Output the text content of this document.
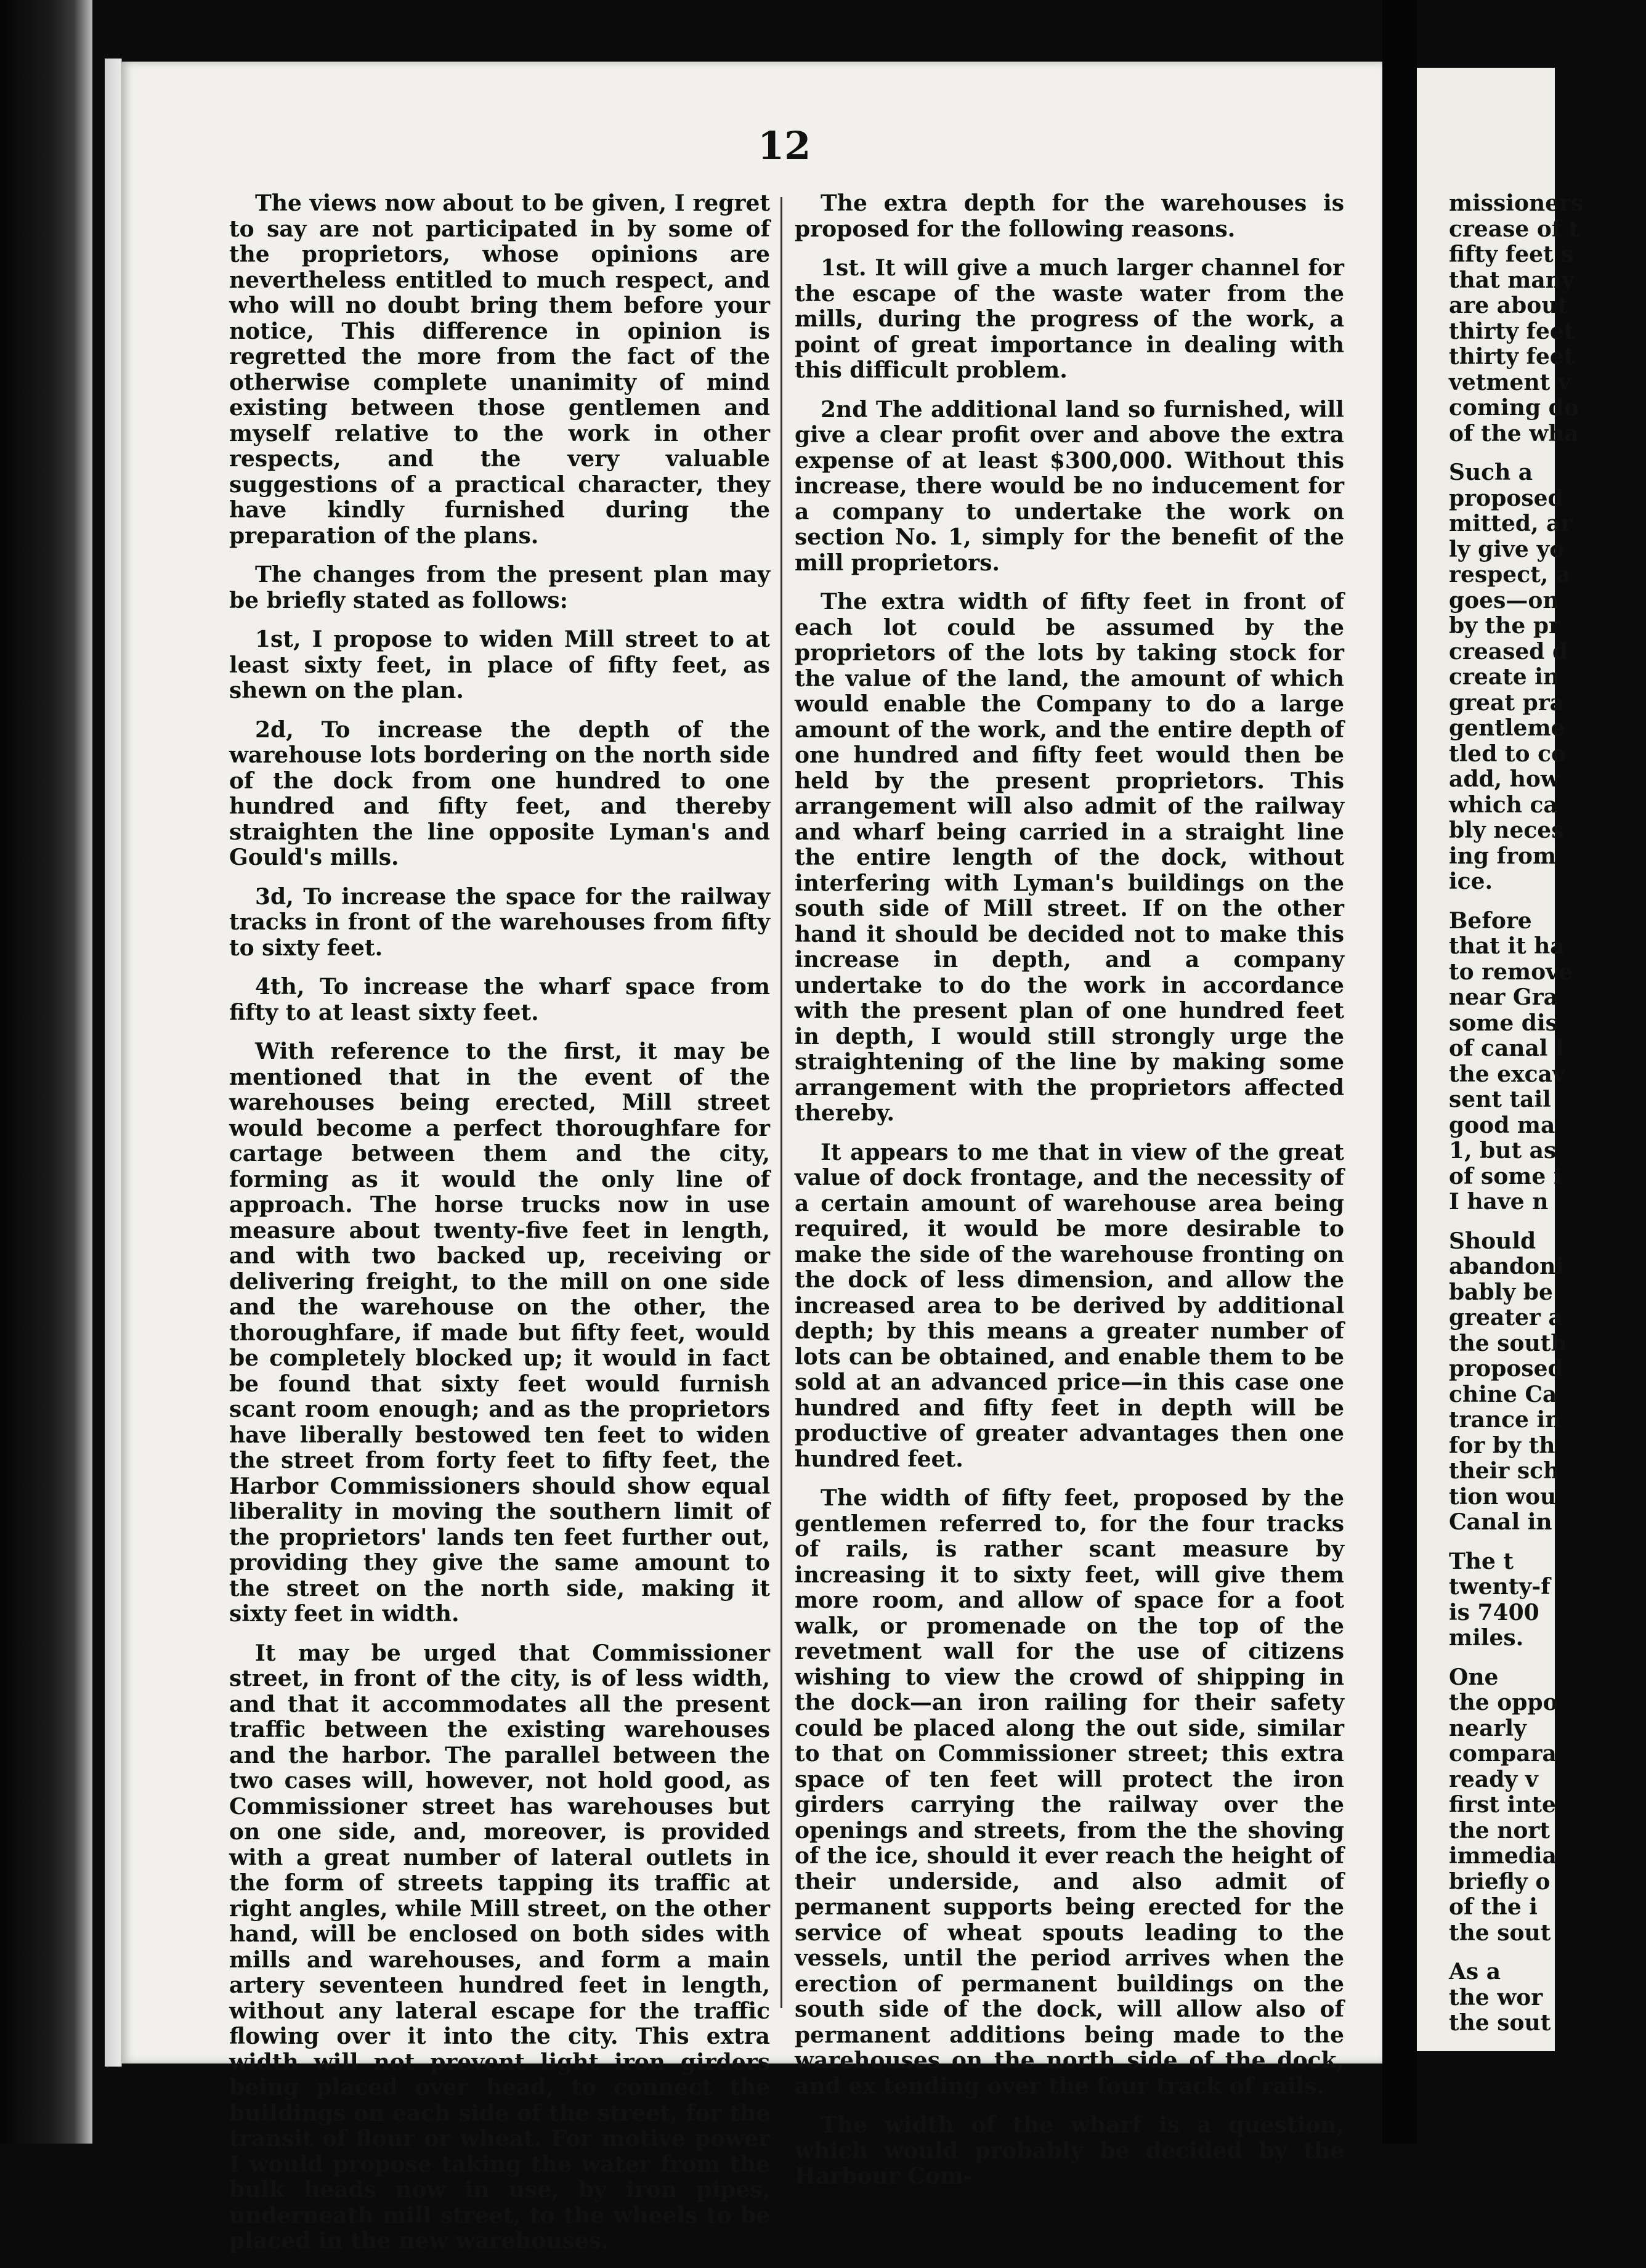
12

The views now about to be given, I regret to say are not participated in by some of the proprietors, whose opinions are nevertheless entitled to much respect, and who will no doubt bring them before your notice, This difference in opinion is regretted the more from the fact of the otherwise complete unanimity of mind existing between those gentlemen and myself relative to the work in other respects, and the very valuable suggestions of a practical character, they have kindly furnished during the preparation of the plans.

The changes from the present plan may be briefly stated as follows:

1st, I propose to widen Mill street to at least sixty feet, in place of fifty feet, as shewn on the plan.

2d, To increase the depth of the warehouse lots bordering on the north side of the dock from one hundred to one hundred and fifty feet, and thereby straighten the line opposite Lyman's and Gould's mills.

3d, To increase the space for the railway tracks in front of the warehouses from fifty to sixty feet.

4th, To increase the wharf space from fifty to at least sixty feet.

With reference to the first, it may be mentioned that in the event of the warehouses being erected, Mill street would become a perfect thoroughfare for cartage between them and the city, forming as it would the only line of approach. The horse trucks now in use measure about twenty-five feet in length, and with two backed up, receiving or delivering freight, to the mill on one side and the warehouse on the other, the thoroughfare, if made but fifty feet, would be completely blocked up; it would in fact be found that sixty feet would furnish scant room enough; and as the proprietors have liberally bestowed ten feet to widen the street from forty feet to fifty feet, the Harbor Commissioners should show equal liberality in moving the southern limit of the proprietors' lands ten feet further out, providing they give the same amount to the street on the north side, making it sixty feet in width.

It may be urged that Commissioner street, in front of the city, is of less width, and that it accommodates all the present traffic between the existing warehouses and the harbor. The parallel between the two cases will, however, not hold good, as Commissioner street has warehouses but on one side, and, moreover, is provided with a great number of lateral outlets in the form of streets tapping its traffic at right angles, while Mill street, on the other hand, will be enclosed on both sides with mills and warehouses, and form a main artery seventeen hundred feet in length, without any lateral escape for the traffic flowing over it into the city. This extra width will not prevent light iron girders being placed over head, to connect the buildings on each side of the street, for the transit of flour or wheat. For motive power I would propose taking the water from the bulk heads now in use, by iron pipes, underneath mill street, to the wheels to be placed in the new warehouses.

The extra depth for the warehouses is proposed for the following reasons.

1st. It will give a much larger channel for the escape of the waste water from the mills, during the progress of the work, a point of great importance in dealing with this difficult problem.

2nd The additional land so furnished, will give a clear profit over and above the extra expense of at least $300,000. Without this increase, there would be no inducement for a company to undertake the work on section No. 1, simply for the benefit of the mill proprietors.

The extra width of fifty feet in front of each lot could be assumed by the proprietors of the lots by taking stock for the value of the land, the amount of which would enable the Company to do a large amount of the work, and the entire depth of one hundred and fifty feet would then be held by the present proprietors. This arrangement will also admit of the railway and wharf being carried in a straight line the entire length of the dock, without interfering with Lyman's buildings on the south side of Mill street. If on the other hand it should be decided not to make this increase in depth, and a company undertake to do the work in accordance with the present plan of one hundred feet in depth, I would still strongly urge the straightening of the line by making some arrangement with the proprietors affected thereby.

It appears to me that in view of the great value of dock frontage, and the necessity of a certain amount of warehouse area being required, it would be more desirable to make the side of the warehouse fronting on the dock of less dimension, and allow the increased area to be derived by additional depth; by this means a greater number of lots can be obtained, and enable them to be sold at an advanced price—in this case one hundred and fifty feet in depth will be productive of greater advantages then one hundred feet.

The width of fifty feet, proposed by the gentlemen referred to, for the four tracks of rails, is rather scant measure by increasing it to sixty feet, will give them more room, and allow of space for a foot walk, or promenade on the top of the revetment wall for the use of citizens wishing to view the crowd of shipping in the dock—an iron railing for their safety could be placed along the out side, similar to that on Commissioner street; this extra space of ten feet will protect the iron girders carrying the railway over the openings and streets, from the the shoving of the ice, should it ever reach the height of their underside, and also admit of permanent supports being erected for the service of wheat spouts leading to the vessels, until the period arrives when the erection of permanent buildings on the south side of the dock, will allow also of permanent additions being made to the warehouses on the north side of the dock, and ex tending over the four track of rails.

The width of the wharf is a question, which would probably be decided by the Harbour Com-

missioners
crease of t
fifty feet s
that many
are about
thirty feet
thirty feet
vetment v
coming do
of the wha
Such a
proposed
mitted, ar
ly give yo
respect, a
goes—on
by the pr
creased d
create in
great pra
gentleme
tled to co
add, how
which ca
bly neces
ing from
ice.
Before
that it ha
to remove
near Gra
some dis
of canal l
the excav
sent tail
good ma
1, but as
of some i
I have n
Should
abandoni
bably be
greater a
the south
proposed
chine Ca
trance in
for by th
their sch
tion wou
Canal in
The t
twenty-f
is 7400
miles.
One
the oppo
nearly
compara
ready v
first inte
the nort
immedia
briefly o
of the i
the sout
As a
the wor
the sout
